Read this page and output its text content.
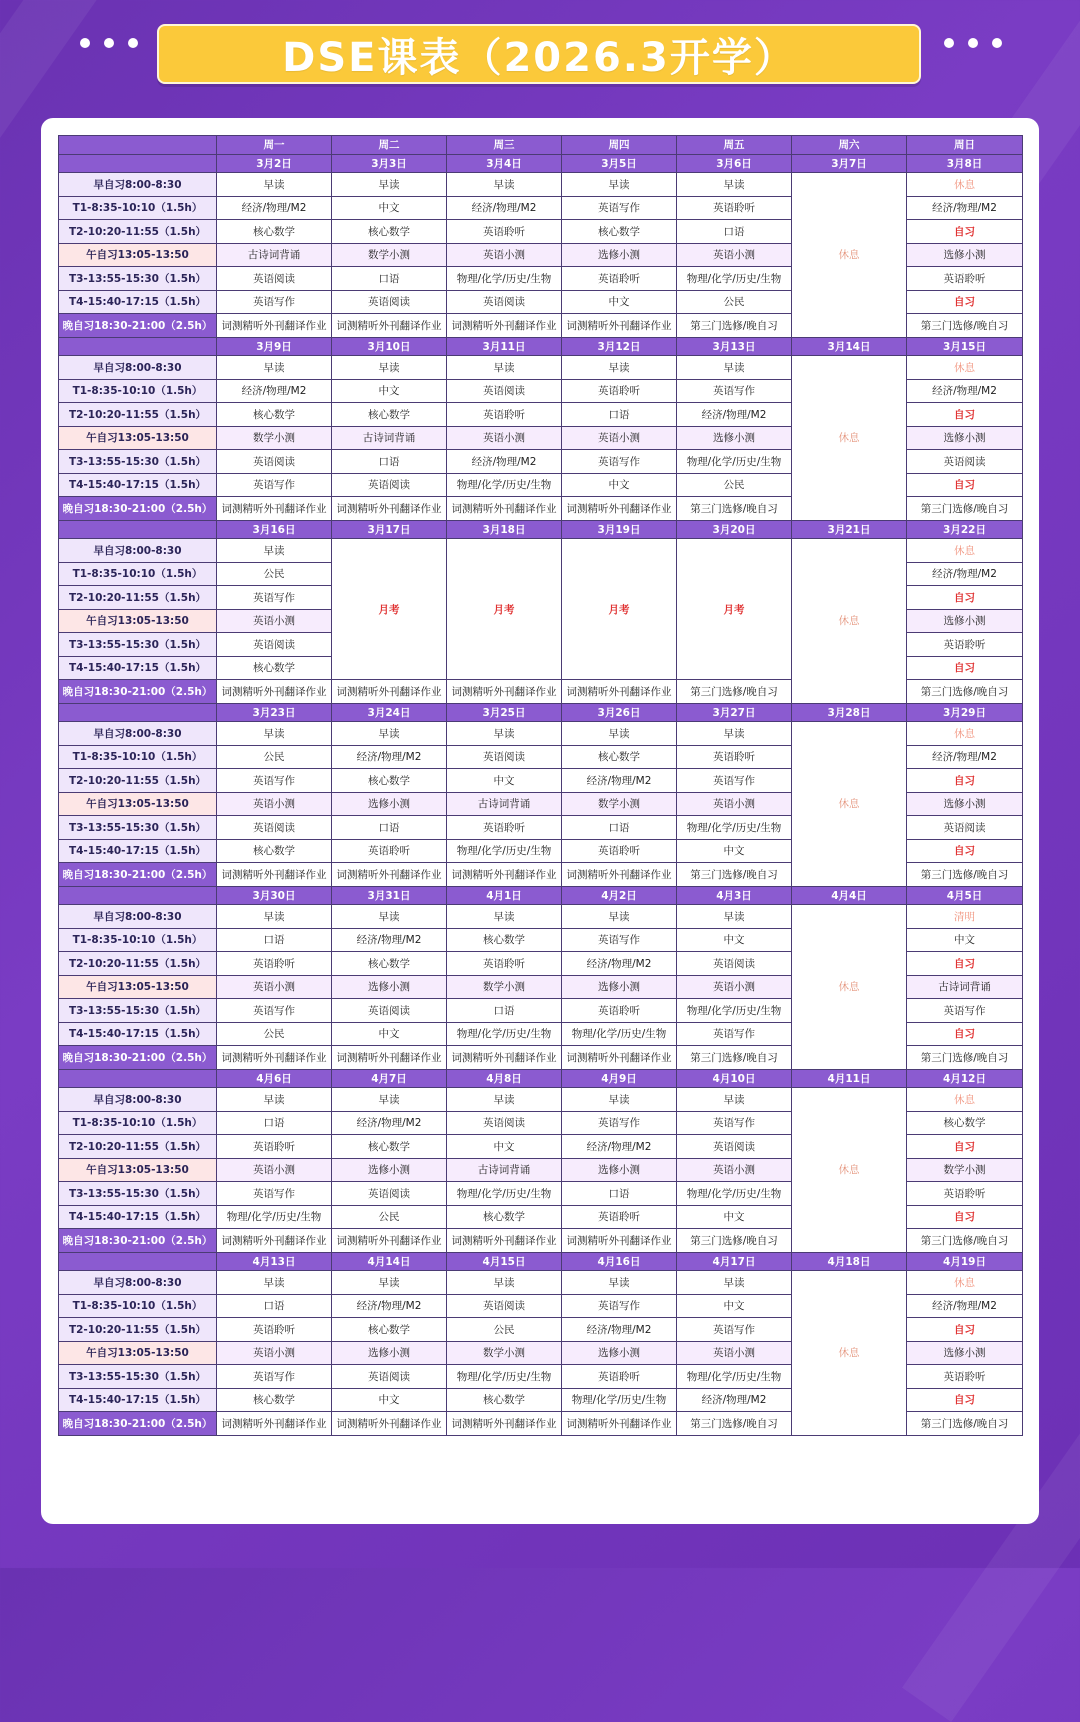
DSE课表（2026.3开学）
	周一	周二	周三	周四	周五	周六	周日
	3月2日	3月3日	3月4日	3月5日	3月6日	3月7日	3月8日
早自习8:00-8:30	早读	早读	早读	早读	早读	休息	休息
T1-8:35-10:10（1.5h）	经济/物理/M2	中文	经济/物理/M2	英语写作	英语聆听		经济/物理/M2
T2-10:20-11:55（1.5h）	核心数学	核心数学	英语聆听	核心数学	口语		自习
午自习13:05-13:50	古诗词背诵	数学小测	英语小测	选修小测	英语小测		选修小测
T3-13:55-15:30（1.5h）	英语阅读	口语	物理/化学/历史/生物	英语聆听	物理/化学/历史/生物		英语聆听
T4-15:40-17:15（1.5h）	英语写作	英语阅读	英语阅读	中文	公民		自习
晚自习18:30-21:00（2.5h）	词测精听外刊翻译作业	词测精听外刊翻译作业	词测精听外刊翻译作业	词测精听外刊翻译作业	第三门选修/晚自习		第三门选修/晚自习
	3月9日	3月10日	3月11日	3月12日	3月13日	3月14日	3月15日
早自习8:00-8:30	早读	早读	早读	早读	早读	休息	休息
T1-8:35-10:10（1.5h）	经济/物理/M2	中文	英语阅读	英语聆听	英语写作		经济/物理/M2
T2-10:20-11:55（1.5h）	核心数学	核心数学	英语聆听	口语	经济/物理/M2		自习
午自习13:05-13:50	数学小测	古诗词背诵	英语小测	英语小测	选修小测		选修小测
T3-13:55-15:30（1.5h）	英语阅读	口语	经济/物理/M2	英语写作	物理/化学/历史/生物		英语阅读
T4-15:40-17:15（1.5h）	英语写作	英语阅读	物理/化学/历史/生物	中文	公民		自习
晚自习18:30-21:00（2.5h）	词测精听外刊翻译作业	词测精听外刊翻译作业	词测精听外刊翻译作业	词测精听外刊翻译作业	第三门选修/晚自习		第三门选修/晚自习
	3月16日	3月17日	3月18日	3月19日	3月20日	3月21日	3月22日
早自习8:00-8:30	早读	月考	月考	月考	月考	休息	休息
T1-8:35-10:10（1.5h）	公民						经济/物理/M2
T2-10:20-11:55（1.5h）	英语写作						自习
午自习13:05-13:50	英语小测						选修小测
T3-13:55-15:30（1.5h）	英语阅读						英语聆听
T4-15:40-17:15（1.5h）	核心数学						自习
晚自习18:30-21:00（2.5h）	词测精听外刊翻译作业	词测精听外刊翻译作业	词测精听外刊翻译作业	词测精听外刊翻译作业	第三门选修/晚自习		第三门选修/晚自习
	3月23日	3月24日	3月25日	3月26日	3月27日	3月28日	3月29日
早自习8:00-8:30	早读	早读	早读	早读	早读	休息	休息
T1-8:35-10:10（1.5h）	公民	经济/物理/M2	英语阅读	核心数学	英语聆听		经济/物理/M2
T2-10:20-11:55（1.5h）	英语写作	核心数学	中文	经济/物理/M2	英语写作		自习
午自习13:05-13:50	英语小测	选修小测	古诗词背诵	数学小测	英语小测		选修小测
T3-13:55-15:30（1.5h）	英语阅读	口语	英语聆听	口语	物理/化学/历史/生物		英语阅读
T4-15:40-17:15（1.5h）	核心数学	英语聆听	物理/化学/历史/生物	英语聆听	中文		自习
晚自习18:30-21:00（2.5h）	词测精听外刊翻译作业	词测精听外刊翻译作业	词测精听外刊翻译作业	词测精听外刊翻译作业	第三门选修/晚自习		第三门选修/晚自习
	3月30日	3月31日	4月1日	4月2日	4月3日	4月4日	4月5日
早自习8:00-8:30	早读	早读	早读	早读	早读	休息	清明
T1-8:35-10:10（1.5h）	口语	经济/物理/M2	核心数学	英语写作	中文		中文
T2-10:20-11:55（1.5h）	英语聆听	核心数学	英语聆听	经济/物理/M2	英语阅读		自习
午自习13:05-13:50	英语小测	选修小测	数学小测	选修小测	英语小测		古诗词背诵
T3-13:55-15:30（1.5h）	英语写作	英语阅读	口语	英语聆听	物理/化学/历史/生物		英语写作
T4-15:40-17:15（1.5h）	公民	中文	物理/化学/历史/生物	物理/化学/历史/生物	英语写作		自习
晚自习18:30-21:00（2.5h）	词测精听外刊翻译作业	词测精听外刊翻译作业	词测精听外刊翻译作业	词测精听外刊翻译作业	第三门选修/晚自习		第三门选修/晚自习
	4月6日	4月7日	4月8日	4月9日	4月10日	4月11日	4月12日
早自习8:00-8:30	早读	早读	早读	早读	早读	休息	休息
T1-8:35-10:10（1.5h）	口语	经济/物理/M2	英语阅读	英语写作	英语写作		核心数学
T2-10:20-11:55（1.5h）	英语聆听	核心数学	中文	经济/物理/M2	英语阅读		自习
午自习13:05-13:50	英语小测	选修小测	古诗词背诵	选修小测	英语小测		数学小测
T3-13:55-15:30（1.5h）	英语写作	英语阅读	物理/化学/历史/生物	口语	物理/化学/历史/生物		英语聆听
T4-15:40-17:15（1.5h）	物理/化学/历史/生物	公民	核心数学	英语聆听	中文		自习
晚自习18:30-21:00（2.5h）	词测精听外刊翻译作业	词测精听外刊翻译作业	词测精听外刊翻译作业	词测精听外刊翻译作业	第三门选修/晚自习		第三门选修/晚自习
	4月13日	4月14日	4月15日	4月16日	4月17日	4月18日	4月19日
早自习8:00-8:30	早读	早读	早读	早读	早读	休息	休息
T1-8:35-10:10（1.5h）	口语	经济/物理/M2	英语阅读	英语写作	中文		经济/物理/M2
T2-10:20-11:55（1.5h）	英语聆听	核心数学	公民	经济/物理/M2	英语写作		自习
午自习13:05-13:50	英语小测	选修小测	数学小测	选修小测	英语小测		选修小测
T3-13:55-15:30（1.5h）	英语写作	英语阅读	物理/化学/历史/生物	英语聆听	物理/化学/历史/生物		英语聆听
T4-15:40-17:15（1.5h）	核心数学	中文	核心数学	物理/化学/历史/生物	经济/物理/M2		自习
晚自习18:30-21:00（2.5h）	词测精听外刊翻译作业	词测精听外刊翻译作业	词测精听外刊翻译作业	词测精听外刊翻译作业	第三门选修/晚自习		第三门选修/晚自习
